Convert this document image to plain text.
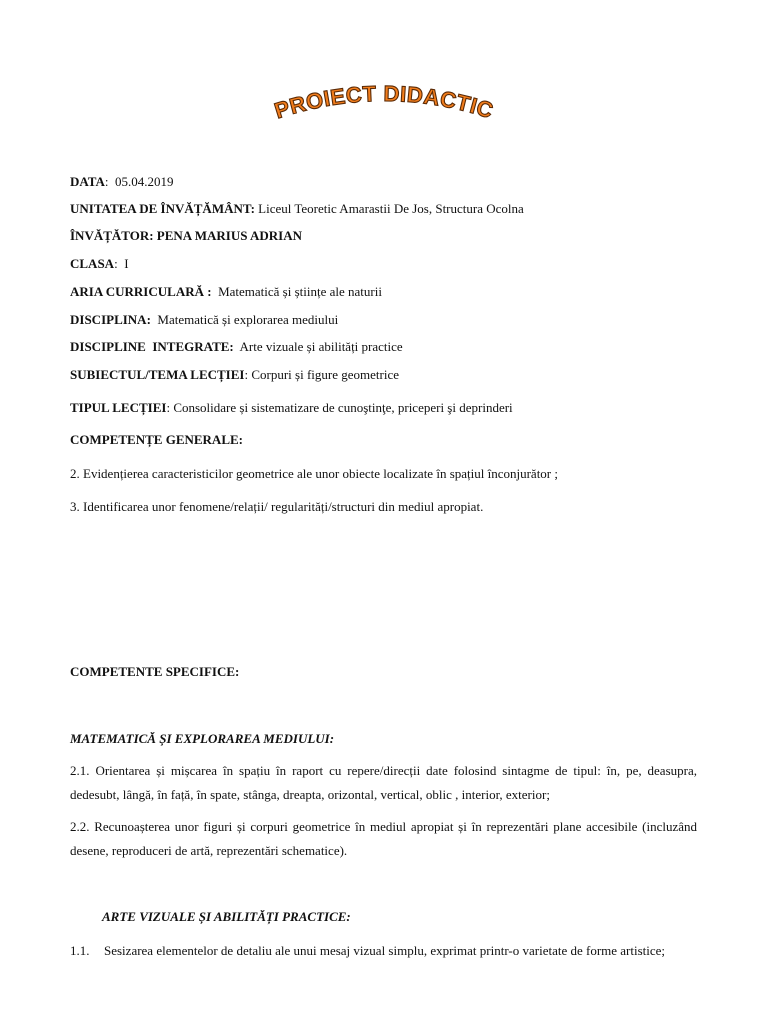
PROIECT DIDACTIC
DATA:  05.04.2019
UNITATEA DE ÎNVĂȚĂMÂNT: Liceul Teoretic Amarastii De Jos, Structura Ocolna
ÎNVĂȚĂTOR: PENA MARIUS ADRIAN
CLASA:  I
ARIA CURRICULARĂ :  Matematică și științe ale naturii
DISCIPLINA:  Matematică și explorarea mediului
DISCIPLINE  INTEGRATE:  Arte vizuale și abilități practice
SUBIECTUL/TEMA LECȚIEI: Corpuri și figure geometrice
TIPUL LECȚIEI: Consolidare și sistematizare de cunoştinţe, priceperi şi deprinderi
COMPETENȚE GENERALE:
2. Evidențierea caracteristicilor geometrice ale unor obiecte localizate în spațiul înconjurător ;
3. Identificarea unor fenomene/relații/ regularități/structuri din mediul apropiat.
COMPETENTE SPECIFICE:
MATEMATICĂ ȘI EXPLORAREA MEDIULUI:
2.1. Orientarea și mișcarea în spațiu în raport cu repere/direcții date folosind sintagme de tipul: în, pe, deasupra, dedesubt, lângă, în față, în spate, stânga, dreapta, orizontal, vertical, oblic , interior, exterior;
2.2. Recunoașterea unor figuri și corpuri geometrice în mediul apropiat și în reprezentări plane accesibile (incluzând desene, reproduceri de artă, reprezentări schematice).
ARTE VIZUALE ȘI ABILITĂȚI PRACTICE:
1.1. Sesizarea elementelor de detaliu ale unui mesaj vizual simplu, exprimat printr-o varietate de forme artistice;
